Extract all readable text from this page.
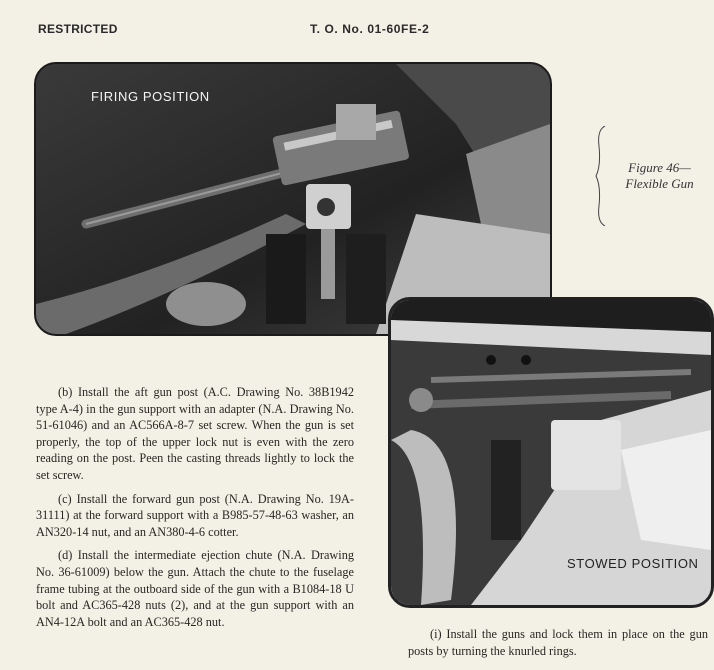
RESTRICTED	T. O. No. 01-60FE-2
FIRING POSITION
Figure 46—
Flexible Gun
STOWED POSITION

(b) Install the aft gun post (A.C. Drawing No. 38B1942 type A-4) in the gun support with an adapter (N.A. Drawing No. 51-61046) and an AC566A-8-7 set screw. When the gun is set properly, the top of the upper lock nut is even with the zero reading on the post. Peen the casting threads lightly to lock the set screw.

(c) Install the forward gun post (N.A. Drawing No. 19A-31111) at the forward support with a B985-57-48-63 washer, an AN320-14 nut, and an AN380-4-6 cotter.

(d) Install the intermediate ejection chute (N.A. Drawing No. 36-61009) below the gun. Attach the chute to the fuselage frame tubing at the outboard side of the gun with a B1084-18 U bolt and AC365-428 nuts (2), and at the gun support with an AN4-12A bolt and an AC365-428 nut.

(i) Install the guns and lock them in place on the gun posts by turning the knurled rings.
